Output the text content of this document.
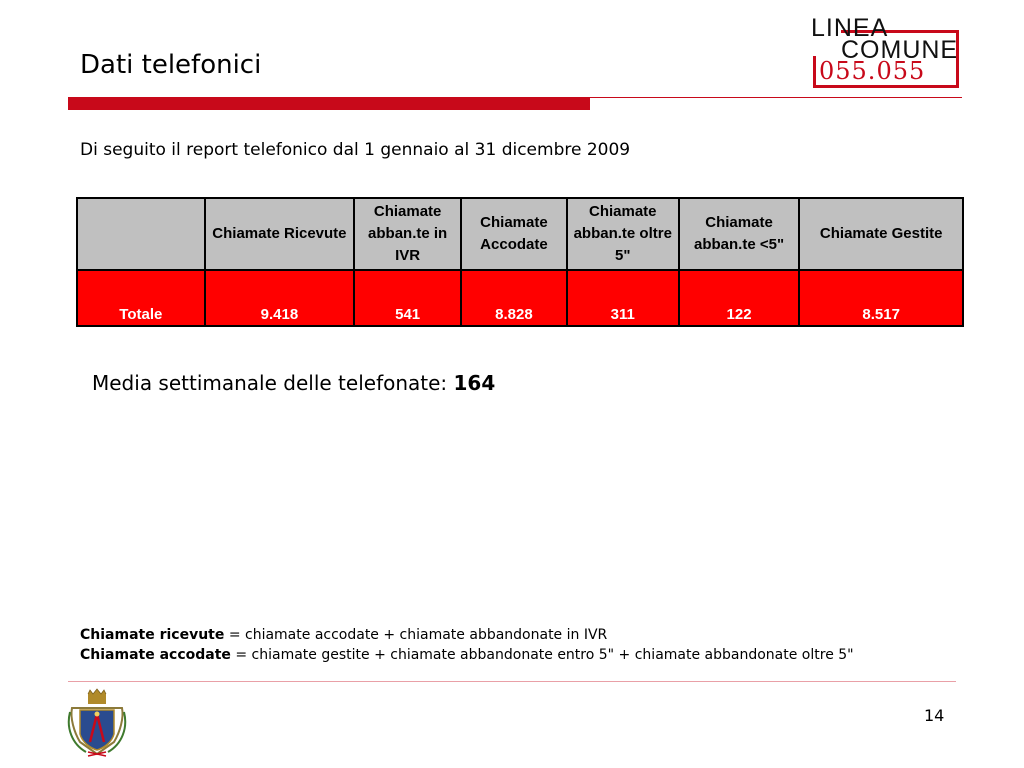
Dati telefonici
LINEA
COMUNE
055.055
Di seguito il report telefonico dal 1 gennaio al 31 dicembre 2009
	Chiamate Ricevute	Chiamate abban.te in IVR	Chiamate Accodate	Chiamate abban.te oltre 5"	Chiamate abban.te <5"	Chiamate Gestite
Totale	9.418	541	8.828	311	122	8.517
Media settimanale delle telefonate: 164
Chiamate ricevute = chiamate accodate + chiamate abbandonate in IVR
Chiamate accodate = chiamate gestite + chiamate abbandonate entro 5" + chiamate abbandonate oltre 5"
14
